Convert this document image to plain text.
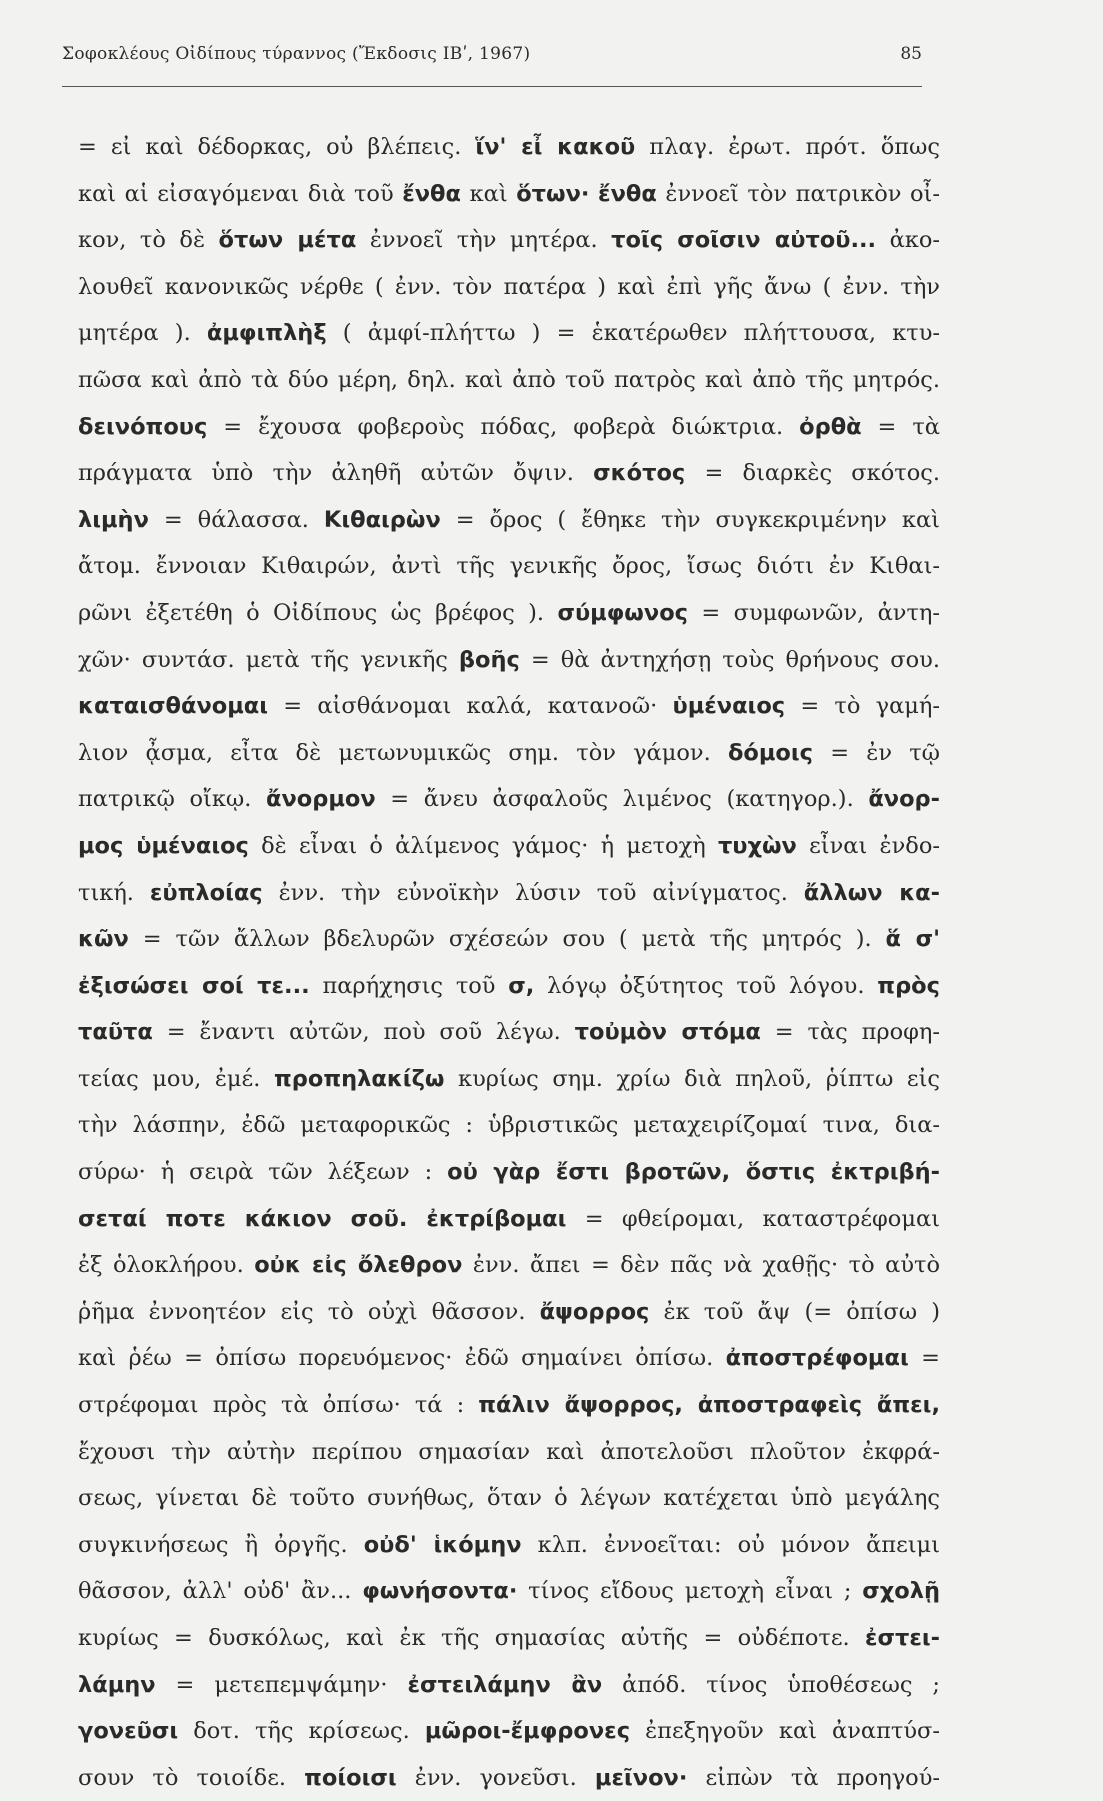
Σοφοκλέους Οἰδίπους τύραννος (Ἔκδοσις ΙΒʹ, 1967)	85
= εἰ καὶ δέδορκας, οὐ βλέπεις. ἵν' εἶ κακοῦ πλαγ. ἐρωτ. πρότ. ὅπως
καὶ αἱ εἰσαγόμεναι διὰ τοῦ ἔνθα καὶ ὅτων· ἔνθα ἐννοεῖ τὸν πατρικὸν οἶ-
κον, τὸ δὲ ὅτων μέτα ἐννοεῖ τὴν μητέρα. τοῖς σοῖσιν αὐτοῦ... ἀκο-
λουθεῖ κανονικῶς νέρθε ( ἐνν. τὸν πατέρα ) καὶ ἐπὶ γῆς ἄνω ( ἐνν. τὴν
μητέρα ). ἀμφιπλὴξ ( ἀμφί-πλήττω ) = ἑκατέρωθεν πλήττουσα, κτυ-
πῶσα καὶ ἀπὸ τὰ δύο μέρη, δηλ. καὶ ἀπὸ τοῦ πατρὸς καὶ ἀπὸ τῆς μητρός.
δεινόπους = ἔχουσα φοβεροὺς πόδας, φοβερὰ διώκτρια. ὀρθὰ = τὰ
πράγματα ὑπὸ τὴν ἀληθῆ αὐτῶν ὄψιν. σκότος = διαρκὲς σκότος.
λιμὴν = θάλασσα. Κιθαιρὼν = ὄρος ( ἔθηκε τὴν συγκεκριμένην καὶ
ἄτομ. ἔννοιαν Κιθαιρών, ἀντὶ τῆς γενικῆς ὄρος, ἴσως διότι ἐν Κιθαι-
ρῶνι ἐξετέθη ὁ Οἰδίπους ὡς βρέφος ). σύμφωνος = συμφωνῶν, ἀντη-
χῶν· συντάσ. μετὰ τῆς γενικῆς βοῆς = θὰ ἀντηχήσῃ τοὺς θρήνους σου.
καταισθάνομαι = αἰσθάνομαι καλά, κατανοῶ· ὑμέναιος = τὸ γαμή-
λιον ᾆσμα, εἶτα δὲ μετωνυμικῶς σημ. τὸν γάμον. δόμοις = ἐν τῷ
πατρικῷ οἴκῳ. ἄνορμον = ἄνευ ἀσφαλοῦς λιμένος (κατηγορ.). ἄνορ-
μος ὑμέναιος δὲ εἶναι ὁ ἀλίμενος γάμος· ἡ μετοχὴ τυχὼν εἶναι ἐνδο-
τική. εὐπλοίας ἐνν. τὴν εὐνοϊκὴν λύσιν τοῦ αἰνίγματος. ἄλλων κα-
κῶν = τῶν ἄλλων βδελυρῶν σχέσεών σου ( μετὰ τῆς μητρός ). ἅ σ'
ἐξισώσει σοί τε... παρήχησις τοῦ σ, λόγῳ ὀξύτητος τοῦ λόγου. πρὸς
ταῦτα = ἔναντι αὐτῶν, ποὺ σοῦ λέγω. τοὐμὸν στόμα = τὰς προφη-
τείας μου, ἐμέ. προπηλακίζω κυρίως σημ. χρίω διὰ πηλοῦ, ῥίπτω εἰς
τὴν λάσπην, ἐδῶ μεταφορικῶς : ὑβριστικῶς μεταχειρίζομαί τινα, δια-
σύρω· ἡ σειρὰ τῶν λέξεων : οὐ γὰρ ἔστι βροτῶν, ὅστις ἐκτριβή-
σεταί ποτε κάκιον σοῦ. ἐκτρίβομαι = φθείρομαι, καταστρέφομαι
ἐξ ὁλοκλήρου. οὐκ εἰς ὄλεθρον ἐνν. ἄπει = δὲν πᾶς νὰ χαθῇς· τὸ αὐτὸ
ῥῆμα ἐννοητέον εἰς τὸ οὐχὶ θᾶσσον. ἄψορρος ἐκ τοῦ ἄψ (= ὀπίσω )
καὶ ῥέω = ὀπίσω πορευόμενος· ἐδῶ σημαίνει ὀπίσω. ἀποστρέφομαι =
στρέφομαι πρὸς τὰ ὀπίσω· τά : πάλιν ἄψορρος, ἀποστραφεὶς ἄπει,
ἔχουσι τὴν αὐτὴν περίπου σημασίαν καὶ ἀποτελοῦσι πλοῦτον ἐκφρά-
σεως, γίνεται δὲ τοῦτο συνήθως, ὅταν ὁ λέγων κατέχεται ὑπὸ μεγάλης
συγκινήσεως ἢ ὀργῆς. οὐδ' ἱκόμην κλπ. ἐννοεῖται: οὐ μόνον ἄπειμι
θᾶσσον, ἀλλ' οὐδ' ἂν... φωνήσοντα· τίνος εἴδους μετοχὴ εἶναι ; σχολῇ
κυρίως = δυσκόλως, καὶ ἐκ τῆς σημασίας αὐτῆς = οὐδέποτε. ἐστει-
λάμην = μετεπεμψάμην· ἐστειλάμην ἂν ἀπόδ. τίνος ὑποθέσεως ;
γονεῦσι δοτ. τῆς κρίσεως. μῶροι-ἔμφρονες ἐπεξηγοῦν καὶ ἀναπτύσ-
σουν τὸ τοιοίδε. ποίοισι ἐνν. γονεῦσι. μεῖνον· εἰπὼν τὰ προηγού-
